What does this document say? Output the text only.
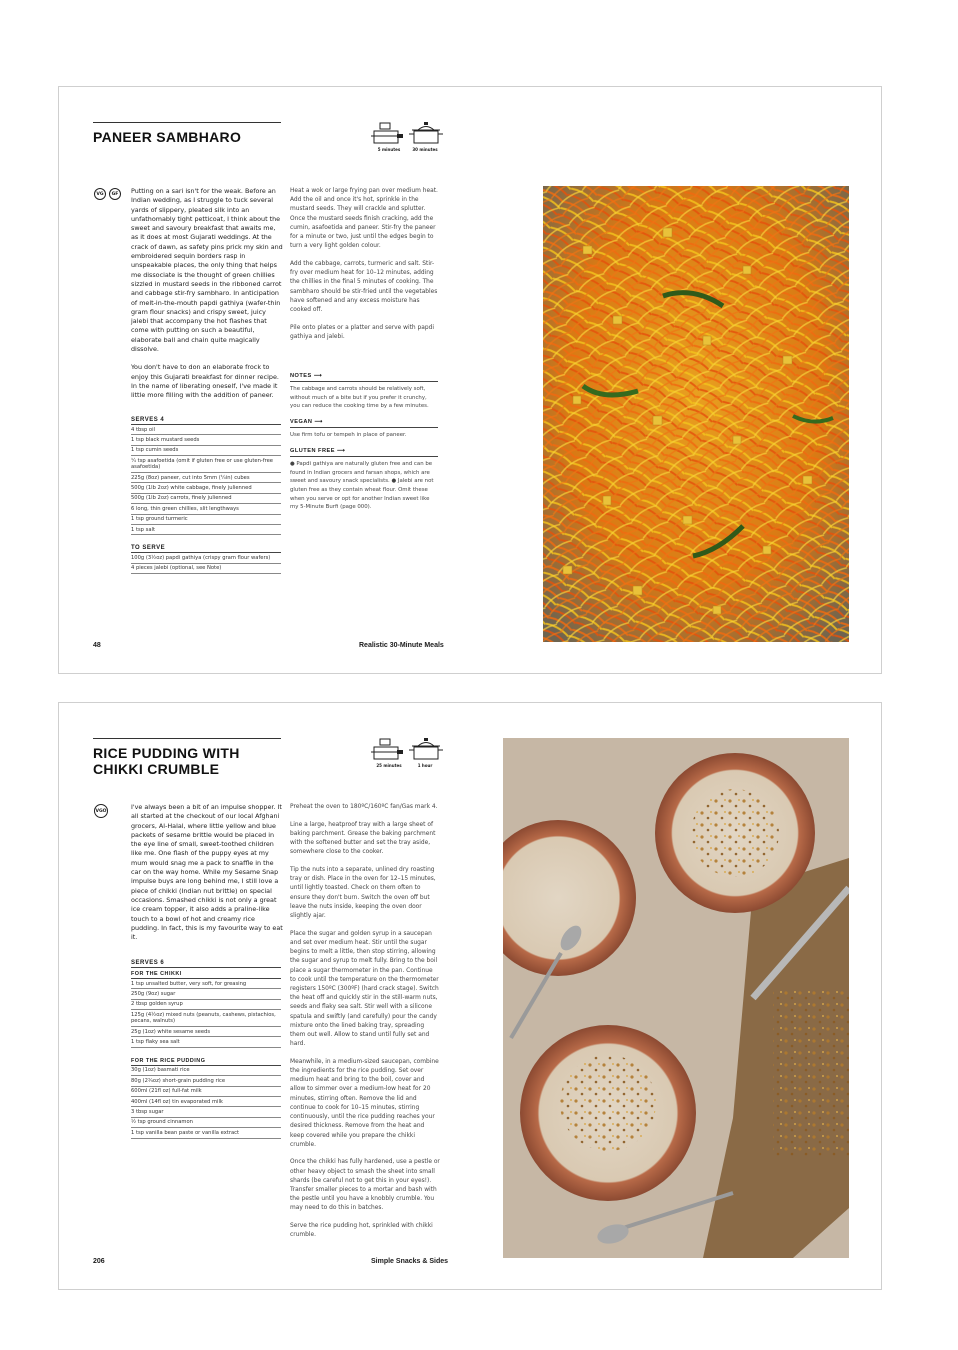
PANEER SAMBHARO
5 minutes	30 minutes
VG	GF	Putting on a sari isn't for the weak. Before an Indian wedding, as I struggle to tuck several yards of slippery, pleated silk into an unfathomably tight petticoat, I think about the sweet and savoury breakfast that awaits me, as it does at most Gujarati weddings. At the crack of dawn, as safety pins prick my skin and embroidered sequin borders rasp in unspeakable places, the only thing that helps me dissociate is the thought of green chillies sizzled in mustard seeds in the ribboned carrot and cabbage stir-fry sambharo. In anticipation of melt-in-the-mouth papdi gathiya (wafer-thin gram flour snacks) and crispy sweet, juicy jalebi that accompany the hot flashes that come with putting on such a beautiful, elaborate ball and chain quite magically dissolve.

You don't have to don an elaborate frock to enjoy this Gujarati breakfast for dinner recipe. In the name of liberating oneself, I've made it little more filling with the addition of paneer.

SERVES 4
4 tbsp oil
1 tsp black mustard seeds
1 tsp cumin seeds
¼ tsp asafoetida (omit if gluten free or use gluten-free asafoetida)
225g (8oz) paneer, cut into 5mm (¼in) cubes
500g (1lb 2oz) white cabbage, finely julienned
500g (1lb 2oz) carrots, finely julienned
6 long, thin green chillies, slit lengthways
1 tsp ground turmeric
1 tsp salt
TO SERVE
100g (3½oz) papdi gathiya (crispy gram flour wafers)
4 pieces jalebi (optional, see Note)

Heat a wok or large frying pan over medium heat. Add the oil and once it's hot, sprinkle in the mustard seeds. They will crackle and splutter. Once the mustard seeds finish cracking, add the cumin, asafoetida and paneer. Stir-fry the paneer for a minute or two, just until the edges begin to turn a very light golden colour.

Add the cabbage, carrots, turmeric and salt. Stir-fry over medium heat for 10–12 minutes, adding the chillies in the final 5 minutes of cooking. The sambharo should be stir-fried until the vegetables have softened and any excess moisture has cooked off.

Pile onto plates or a platter and serve with papdi gathiya and jalebi.

NOTES ⟶
The cabbage and carrots should be relatively soft, without much of a bite but if you prefer it crunchy, you can reduce the cooking time by a few minutes.
VEGAN ⟶
Use firm tofu or tempeh in place of paneer.
GLUTEN FREE ⟶
● Papdi gathiya are naturally gluten free and can be found in Indian grocers and farsan shops, which are sweet and savoury snack specialists. ● Jalebi are not gluten free as they contain wheat flour. Omit these when you serve or opt for another Indian sweet like my 5-Minute Burfi (page 000).
48	Realistic 30-Minute Meals
RICE PUDDING WITH
CHIKKI CRUMBLE	25 minutes	1 hour
VGO

I've always been a bit of an impulse shopper. It all started at the checkout of our local Afghani grocers, Al-Halal, where little yellow and blue packets of sesame brittle would be placed in the eye line of small, sweet-toothed children like me. One flash of the puppy eyes at my mum would snag me a pack to snaffle in the car on the way home. While my Sesame Snap impulse buys are long behind me, I still love a piece of chikki (Indian nut brittle) on special occasions. Smashed chikki is not only a great ice cream topper, it also adds a praline-like touch to a bowl of hot and creamy rice pudding. In fact, this is my favourite way to eat it.

SERVES 6
FOR THE CHIKKI
1 tsp unsalted butter, very soft, for greasing
250g (9oz) sugar
2 tbsp golden syrup
125g (4½oz) mixed nuts (peanuts, cashews, pistachios, pecans, walnuts)
25g (1oz) white sesame seeds
1 tsp flaky sea salt
FOR THE RICE PUDDING
30g (1oz) basmati rice
80g (2¾oz) short-grain pudding rice
600ml (21fl oz) full-fat milk
400ml (14fl oz) tin evaporated milk
3 tbsp sugar
½ tsp ground cinnamon
1 tsp vanilla bean paste or vanilla extract

Preheat the oven to 180ºC/160ºC fan/Gas mark 4.

Line a large, heatproof tray with a large sheet of baking parchment. Grease the baking parchment with the softened butter and set the tray aside, somewhere close to the cooker.

Tip the nuts into a separate, unlined dry roasting tray or dish. Place in the oven for 12–15 minutes, until lightly toasted. Check on them often to ensure they don't burn. Switch the oven off but leave the nuts inside, keeping the oven door slightly ajar.

Place the sugar and golden syrup in a saucepan and set over medium heat. Stir until the sugar begins to melt a little, then stop stirring, allowing the sugar and syrup to melt fully. Bring to the boil place a sugar thermometer in the pan. Continue to cook until the temperature on the thermometer registers 150ºC (300ºF) (hard crack stage). Switch the heat off and quickly stir in the still-warm nuts, seeds and flaky sea salt. Stir well with a silicone spatula and swiftly (and carefully) pour the candy mixture onto the lined baking tray, spreading them out well. Allow to stand until fully set and hard.

Meanwhile, in a medium-sized saucepan, combine the ingredients for the rice pudding. Set over medium heat and bring to the boil, cover and allow to simmer over a medium-low heat for 20 minutes, stirring often. Remove the lid and continue to cook for 10–15 minutes, stirring continuously, until the rice pudding reaches your desired thickness. Remove from the heat and keep covered while you prepare the chikki crumble.

Once the chikki has fully hardened, use a pestle or other heavy object to smash the sheet into small shards (be careful not to get this in your eyes!). Transfer smaller pieces to a mortar and bash with the pestle until you have a knobbly crumble. You may need to do this in batches.

Serve the rice pudding hot, sprinkled with chikki crumble.

206	Simple Snacks & Sides
